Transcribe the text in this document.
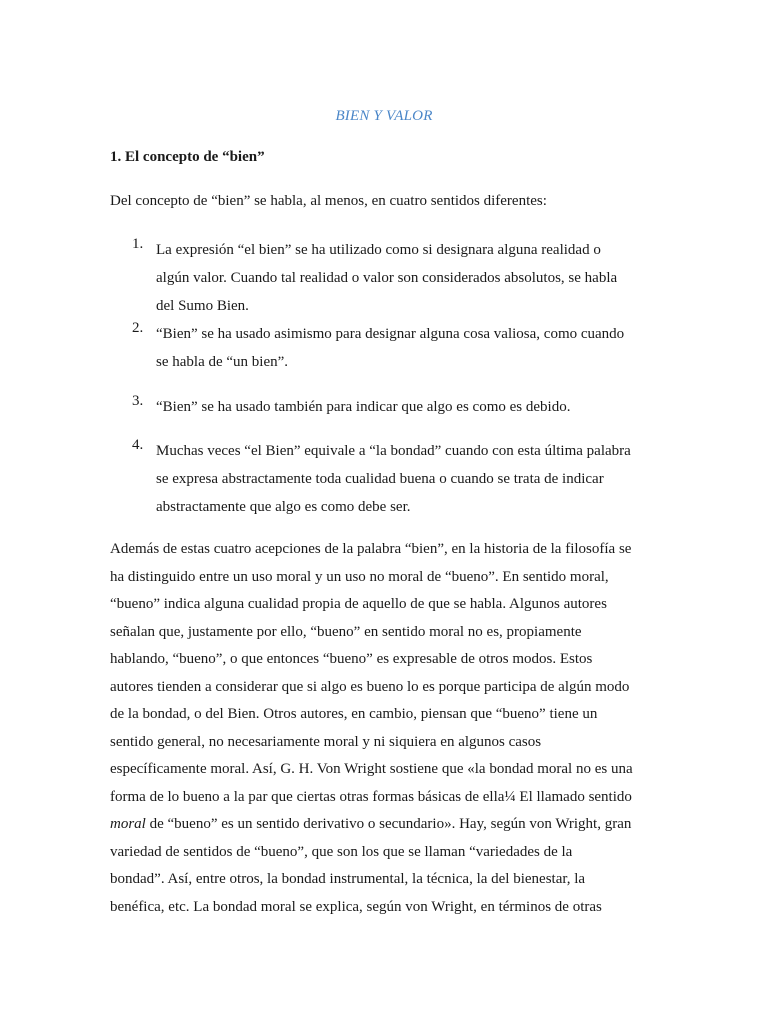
BIEN Y VALOR
1. El concepto de “bien”
Del concepto de “bien” se habla, al menos, en cuatro sentidos diferentes:
1. La expresión “el bien” se ha utilizado como si designara alguna realidad o
algún valor. Cuando tal realidad o valor son considerados absolutos, se habla
del Sumo Bien.
2. “Bien” se ha usado asimismo para designar alguna cosa valiosa, como cuando
se habla de “un bien”.
3. “Bien” se ha usado también para indicar que algo es como es debido.
4. Muchas veces “el Bien” equivale a “la bondad” cuando con esta última palabra
se expresa abstractamente toda cualidad buena o cuando se trata de indicar
abstractamente que algo es como debe ser.
Además de estas cuatro acepciones de la palabra “bien”, en la historia de la filosofía se
ha distinguido entre un uso moral y un uso no moral de “bueno”. En sentido moral,
“bueno” indica alguna cualidad propia de aquello de que se habla. Algunos autores
señalan que, justamente por ello, “bueno” en sentido moral no es, propiamente
hablando, “bueno”, o que entonces “bueno” es expresable de otros modos. Estos
autores tienden a considerar que si algo es bueno lo es porque participa de algún modo
de la bondad, o del Bien. Otros autores, en cambio, piensan que “bueno” tiene un
sentido general, no necesariamente moral y ni siquiera en algunos casos
específicamente moral. Así, G. H. Von Wright sostiene que «la bondad moral no es una
forma de lo bueno a la par que ciertas otras formas básicas de ella¼ El llamado sentido
moral de “bueno” es un sentido derivativo o secundario». Hay, según von Wright, gran
variedad de sentidos de “bueno”, que son los que se llaman “variedades de la
bondad”. Así, entre otros, la bondad instrumental, la técnica, la del bienestar, la
benéfica, etc. La bondad moral se explica, según von Wright, en términos de otras
